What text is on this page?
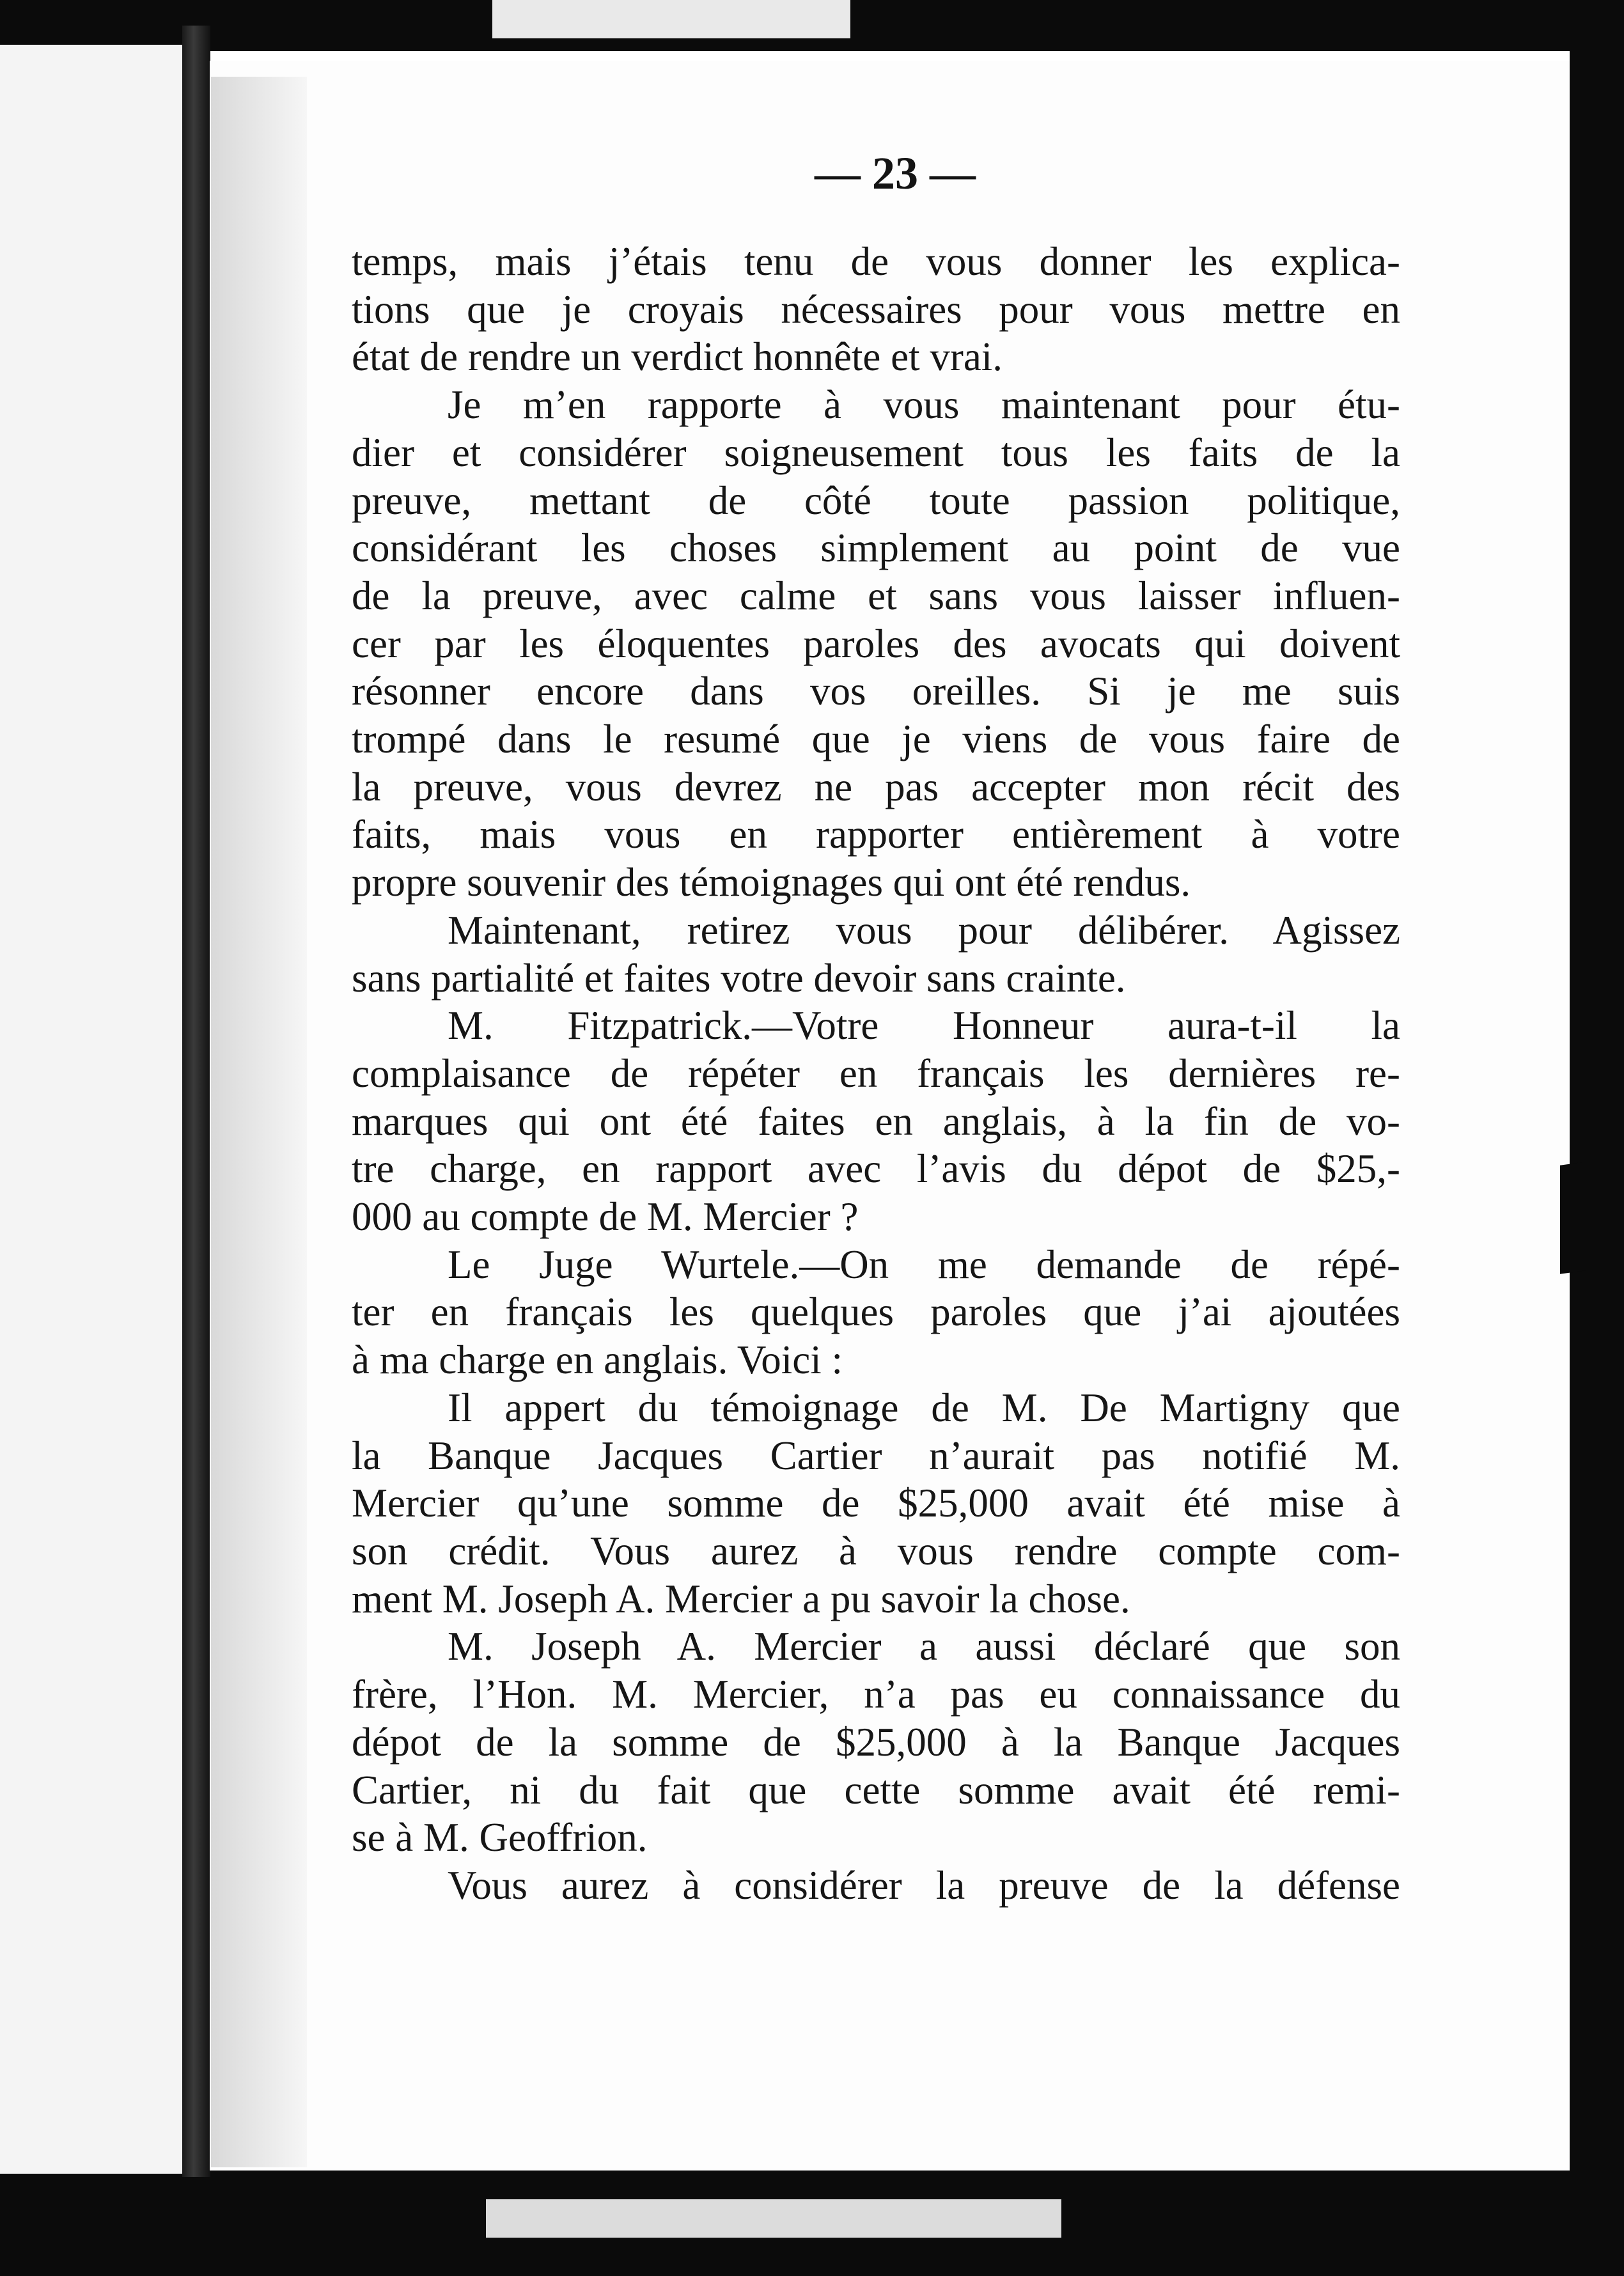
— 23 —
temps, mais j’étais tenu de vous donner les explica-
tions que je croyais nécessaires pour vous mettre en
état de rendre un verdict honnête et vrai.
Je m’en rapporte à vous maintenant pour étu-
dier et considérer soigneusement tous les faits de la
preuve, mettant de côté toute passion politique,
considérant les choses simplement au point de vue
de la preuve, avec calme et sans vous laisser influen-
cer par les éloquentes paroles des avocats qui doivent
résonner encore dans vos oreilles. Si je me suis
trompé dans le resumé que je viens de vous faire de
la preuve, vous devrez ne pas accepter mon récit des
faits, mais vous en rapporter entièrement à votre
propre souvenir des témoignages qui ont été rendus.
Maintenant, retirez vous pour délibérer. Agissez
sans partialité et faites votre devoir sans crainte.
M. Fitzpatrick.—Votre Honneur aura-t-il la
complaisance de répéter en français les dernières re-
marques qui ont été faites en anglais, à la fin de vo-
tre charge, en rapport avec l’avis du dépot de $25,-
000 au compte de M. Mercier ?
Le Juge Wurtele.—On me demande de répé-
ter en français les quelques paroles que j’ai ajoutées
à ma charge en anglais. Voici :
Il appert du témoignage de M. De Martigny que
la Banque Jacques Cartier n’aurait pas notifié M.
Mercier qu’une somme de $25,000 avait été mise à
son crédit. Vous aurez à vous rendre compte com-
ment M. Joseph A. Mercier a pu savoir la chose.
M. Joseph A. Mercier a aussi déclaré que son
frère, l’Hon. M. Mercier, n’a pas eu connaissance du
dépot de la somme de $25,000 à la Banque Jacques
Cartier, ni du fait que cette somme avait été remi-
se à M. Geoffrion.
Vous aurez à considérer la preuve de la défense
